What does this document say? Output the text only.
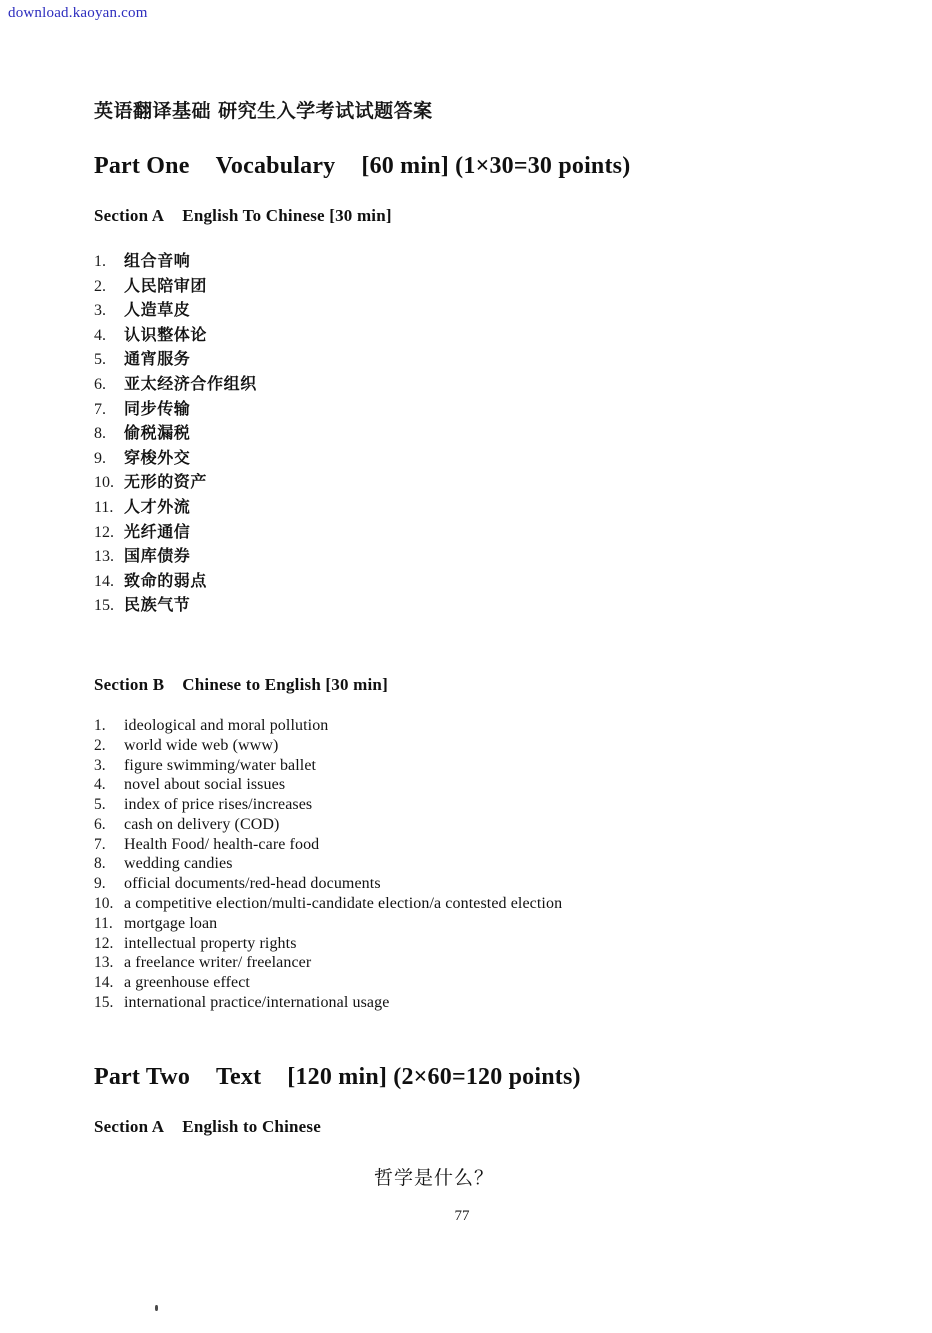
download.kaoyan.com
英语翻译基础 研究生入学考试试题答案
Part One Vocabulary [60 min] (1×30=30 points)
Section A English To Chinese [30 min]
1.	组合音响
2.	人民陪审团
3.	人造草皮
4.	认识整体论
5.	通宵服务
6.	亚太经济合作组织
7.	同步传输
8.	偷税漏税
9.	穿梭外交
10. 无形的资产
11. 人才外流
12. 光纤通信
13. 国库债券
14. 致命的弱点
15. 民族气节
Section B Chinese to English [30 min]
1.	ideological and moral pollution
2.	world wide web (www)
3.	figure swimming/water ballet
4.	novel about social issues
5.	index of price rises/increases
6.	cash on delivery (COD)
7.	Health Food/ health-care food
8.	wedding candies
9.	official documents/red-head documents
10. a competitive election/multi-candidate election/a contested election
11. mortgage loan
12. intellectual property rights
13. a freelance writer/ freelancer
14. a greenhouse effect
15. international practice/international usage
Part Two Text [120 min] (2×60=120 points)
Section A English to Chinese
哲学是什么？
77
